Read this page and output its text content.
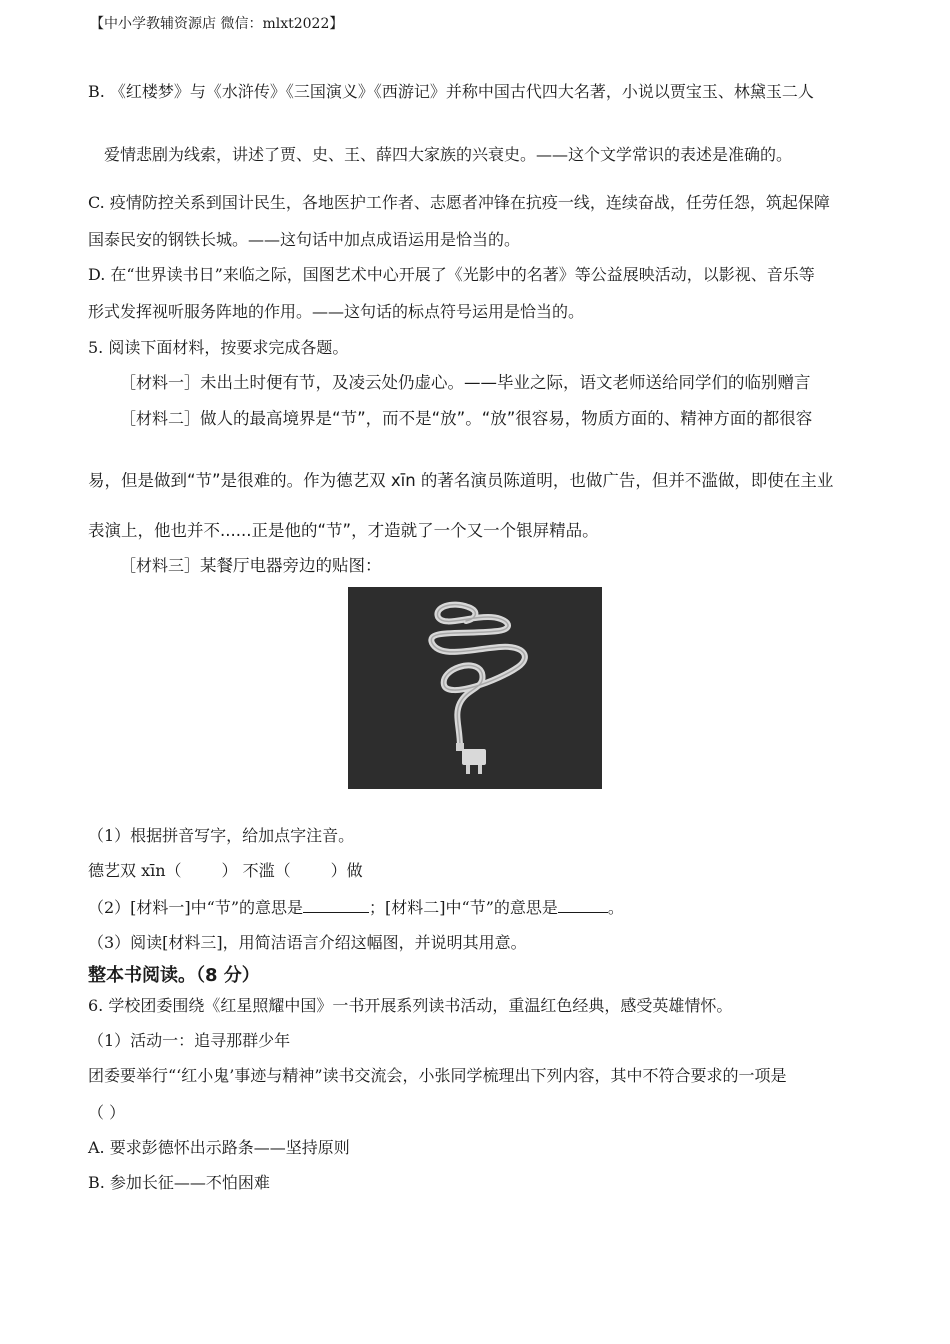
【中小学教辅资源店 微信：mlxt2022】
B. 《红楼梦》与《水浒传》《三国演义》《西游记》并称中国古代四大名著，小说以贾宝玉、林黛玉二人
爱情悲剧为线索，讲述了贾、史、王、薛四大家族的兴衰史。——这个文学常识的表述是准确的。
C. 疫情防控关系到国计民生，各地医护工作者、志愿者冲锋在抗疫一线，连续奋战，任劳任怨，筑起保障
国泰民安的钢铁长城。——这句话中加点成语运用是恰当的。
D. 在“世界读书日”来临之际，国图艺术中心开展了《光影中的名著》等公益展映活动，以影视、音乐等
形式发挥视听服务阵地的作用。——这句话的标点符号运用是恰当的。
5. 阅读下面材料，按要求完成各题。
［材料一］未出土时便有节，及凌云处仍虚心。——毕业之际，语文老师送给同学们的临别赠言
［材料二］做人的最高境界是“节”，而不是“放”。“放”很容易，物质方面的、精神方面的都很容
易，但是做到“节”是很难的。作为德艺双 xīn 的著名演员陈道明，也做广告，但并不滥做，即使在主业
表演上，他也并不......正是他的“节”，才造就了一个又一个银屏精品。
［材料三］某餐厅电器旁边的贴图：
（1）根据拼音写字，给加点字注音。
德艺双 xīn（	） 不滥（	）做
（2）[材料一]中“节”的意思是	；[材料二]中“节”的意思是	。
（3）阅读[材料三]，用简洁语言介绍这幅图，并说明其用意。
整本书阅读。（8 分）
6. 学校团委围绕《红星照耀中国》一书开展系列读书活动，重温红色经典，感受英雄情怀。
（1）活动一：追寻那群少年
团委要举行“‘红小鬼’事迹与精神”读书交流会，小张同学梳理出下列内容，其中不符合要求的一项是
（ ）
A. 要求彭德怀出示路条——坚持原则
B. 参加长征——不怕困难
